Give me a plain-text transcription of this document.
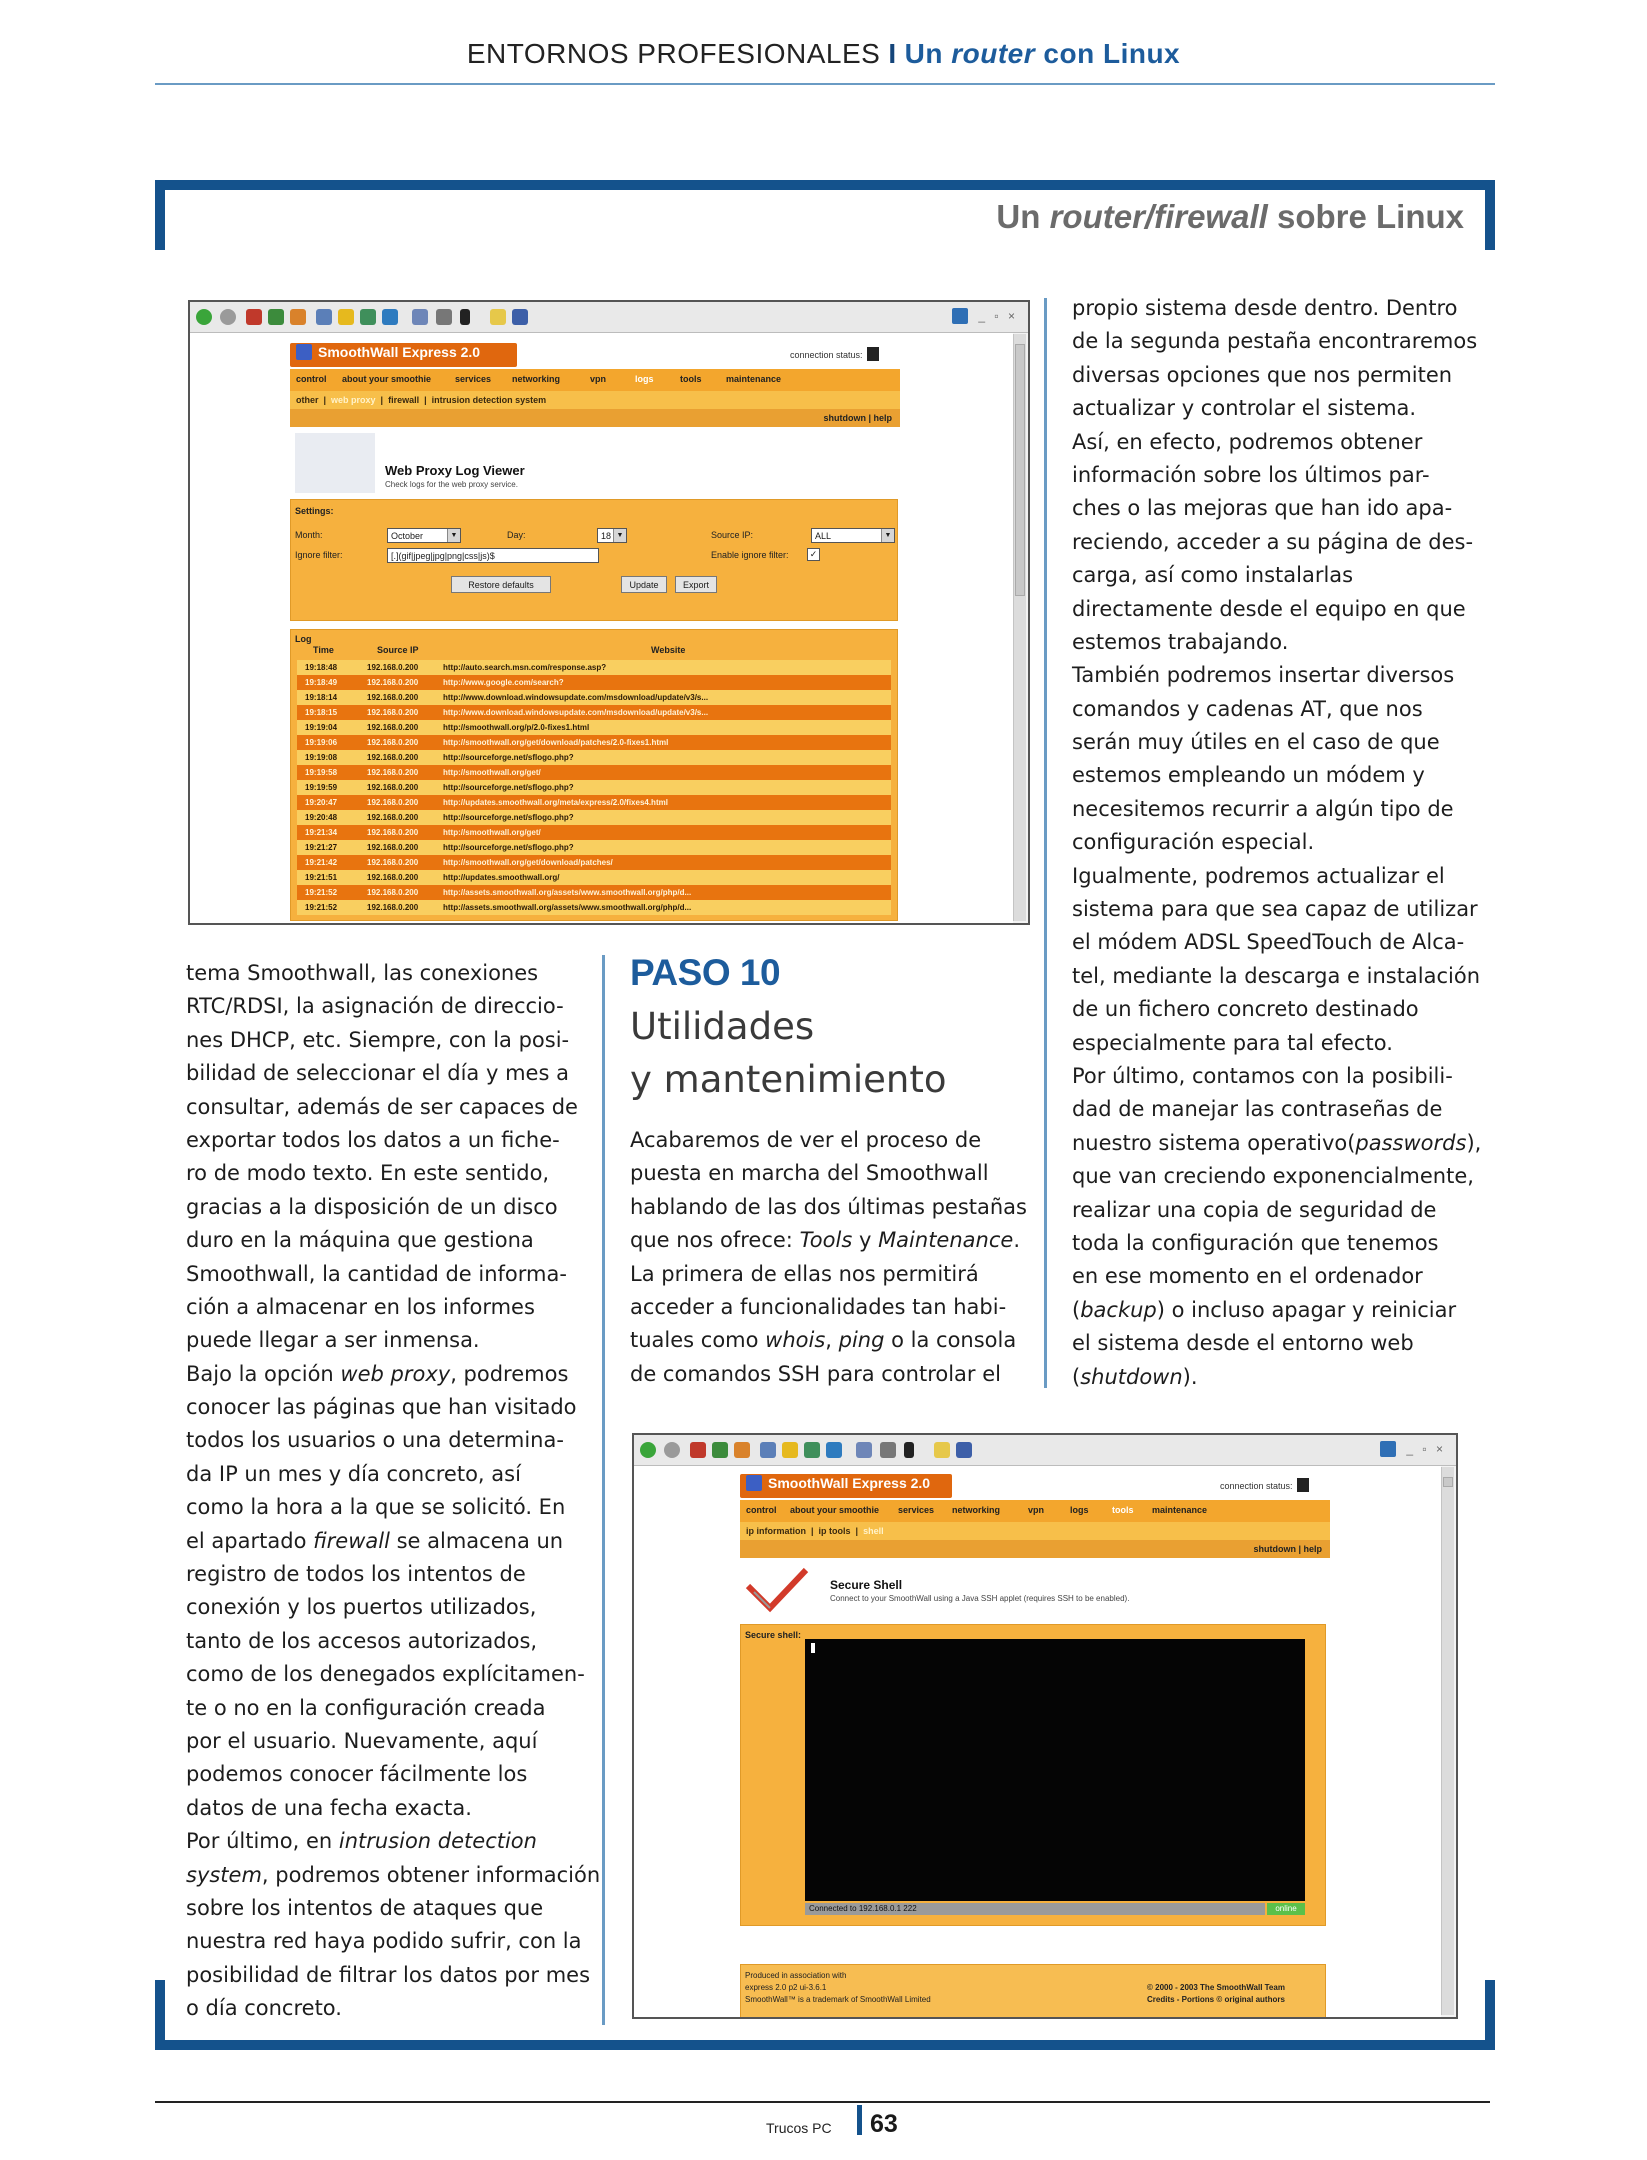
ENTORNOS PROFESIONALES I Un router con Linux
Un router/firewall sobre Linux
_ ▫ ×
SmoothWall Express 2.0	connection status:
control about your smoothie	services networking	vpn	logs	tools	maintenance
other  |  web proxy  |  firewall  |  intrusion detection system
shutdown | help
Web Proxy Log Viewer
Check logs for the web proxy service.
Settings:
Month:	October	▼	Day:	18 ▼	Source IP:	ALL	▼
Ignore filter:	[.](gif|jpeg|jpg|png|css|js)$	Enable ignore filter:	✓
Restore defaults	Update	Export
Log
Time	Source IP	Website
19:18:48	192.168.0.200	http://auto.search.msn.com/response.asp?
19:18:49	192.168.0.200	http://www.google.com/search?
19:18:14	192.168.0.200	http://www.download.windowsupdate.com/msdownload/update/v3/s...
19:18:15	192.168.0.200	http://www.download.windowsupdate.com/msdownload/update/v3/s...
19:19:04	192.168.0.200	http://smoothwall.org/p/2.0-fixes1.html
19:19:06	192.168.0.200	http://smoothwall.org/get/download/patches/2.0-fixes1.html
19:19:08	192.168.0.200	http://sourceforge.net/sflogo.php?
19:19:58	192.168.0.200	http://smoothwall.org/get/
19:19:59	192.168.0.200	http://sourceforge.net/sflogo.php?
19:20:47	192.168.0.200	http://updates.smoothwall.org/meta/express/2.0/fixes4.html
19:20:48	192.168.0.200	http://sourceforge.net/sflogo.php?
19:21:34	192.168.0.200	http://smoothwall.org/get/
19:21:27	192.168.0.200	http://sourceforge.net/sflogo.php?
19:21:42	192.168.0.200	http://smoothwall.org/get/download/patches/
19:21:51	192.168.0.200	http://updates.smoothwall.org/
19:21:52	192.168.0.200	http://assets.smoothwall.org/assets/www.smoothwall.org/php/d...
19:21:52	192.168.0.200	http://assets.smoothwall.org/assets/www.smoothwall.org/php/d...
tema Smoothwall, las conexiones
RTC/RDSI, la asignación de direccio-
nes DHCP, etc. Siempre, con la posi-
bilidad de seleccionar el día y mes a
consultar, además de ser capaces de
exportar todos los datos a un fiche-
ro de modo texto. En este sentido,
gracias a la disposición de un disco
duro en la máquina que gestiona
Smoothwall, la cantidad de informa-
ción a almacenar en los informes
puede llegar a ser inmensa.
Bajo la opción web proxy, podremos
conocer las páginas que han visitado
todos los usuarios o una determina-
da IP un mes y día concreto, así
como la hora a la que se solicitó. En
el apartado firewall se almacena un
registro de todos los intentos de
conexión y los puertos utilizados,
tanto de los accesos autorizados,
como de los denegados explícitamen-
te o no en la configuración creada
por el usuario. Nuevamente, aquí
podemos conocer fácilmente los
datos de una fecha exacta.
Por último, en intrusion detection
system, podremos obtener información
sobre los intentos de ataques que
nuestra red haya podido sufrir, con la
posibilidad de filtrar los datos por mes
o día concreto.
PASO 10
Utilidades
y mantenimiento
Acabaremos de ver el proceso de
puesta en marcha del Smoothwall
hablando de las dos últimas pestañas
que nos ofrece: Tools y Maintenance.
La primera de ellas nos permitirá
acceder a funcionalidades tan habi-
tuales como whois, ping o la consola
de comandos SSH para controlar el
propio sistema desde dentro. Dentro
de la segunda pestaña encontraremos
diversas opciones que nos permiten
actualizar y controlar el sistema.
Así, en efecto, podremos obtener
información sobre los últimos par-
ches o las mejoras que han ido apa-
reciendo, acceder a su página de des-
carga, así como instalarlas
directamente desde el equipo en que
estemos trabajando.
También podremos insertar diversos
comandos y cadenas AT, que nos
serán muy útiles en el caso de que
estemos empleando un módem y
necesitemos recurrir a algún tipo de
configuración especial.
Igualmente, podremos actualizar el
sistema para que sea capaz de utilizar
el módem ADSL SpeedTouch de Alca-
tel, mediante la descarga e instalación
de un fichero concreto destinado
especialmente para tal efecto.
Por último, contamos con la posibili-
dad de manejar las contraseñas de
nuestro sistema operativo(passwords),
que van creciendo exponencialmente,
realizar una copia de seguridad de
toda la configuración que tenemos
en ese momento en el ordenador
(backup) o incluso apagar y reiniciar
el sistema desde el entorno web
(shutdown).
_ ▫ ×
SmoothWall Express 2.0	connection status:
control about your smoothie services networking	vpn	logs	tools maintenance
ip information  |  ip tools  |  shell
shutdown | help
Secure Shell
Connect to your SmoothWall using a Java SSH applet (requires SSH to be enabled).
Secure shell:
Connected to 192.168.0.1 222	online
Produced in association with
express 2.0 p2 ui-3.6.1
SmoothWall™ is a trademark of SmoothWall Limited
© 2000 - 2003 The SmoothWall Team
Credits - Portions © original authors
Trucos PC 63
